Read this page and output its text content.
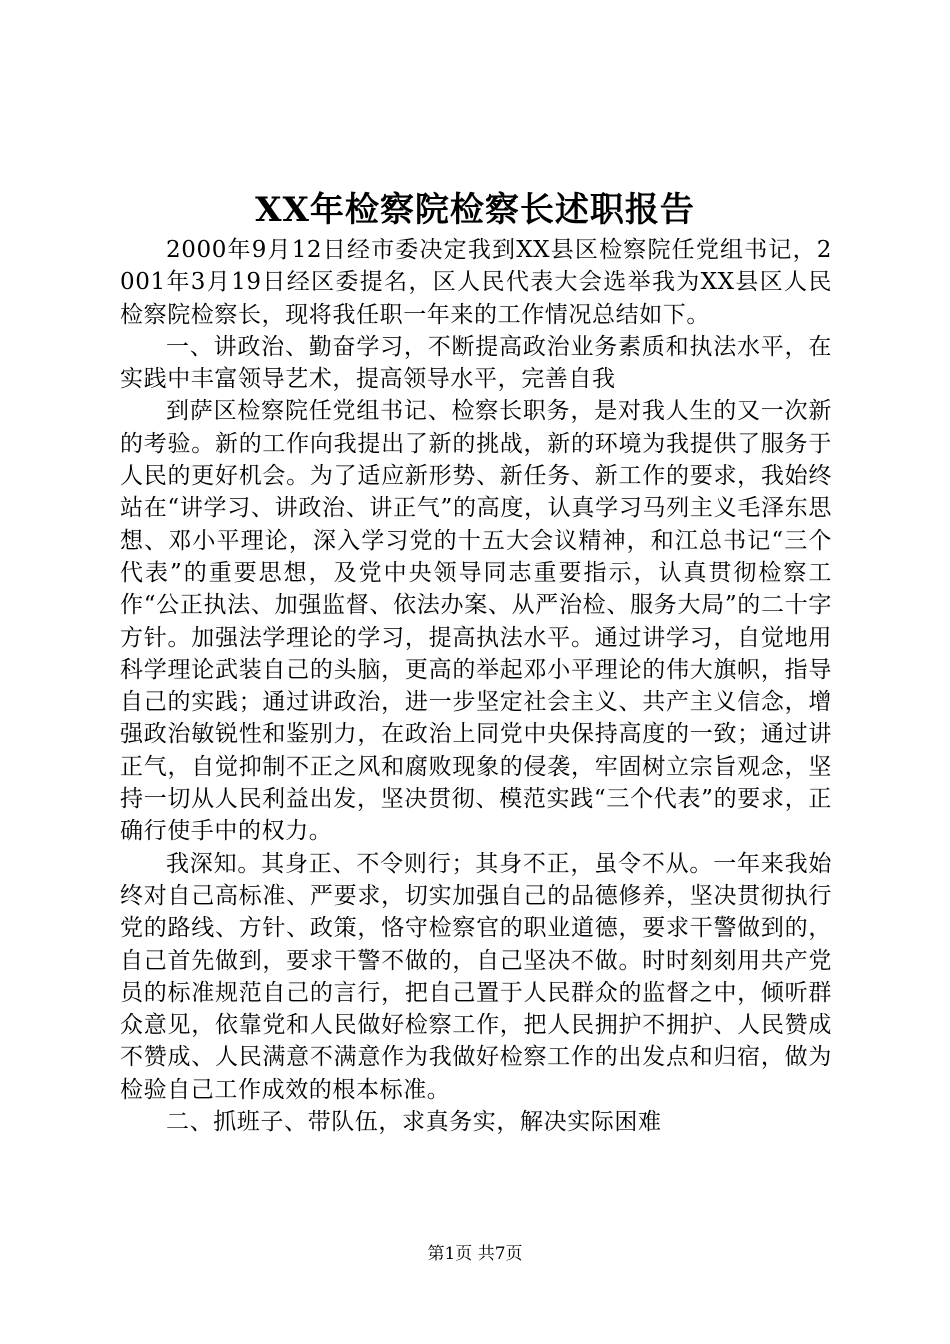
XX年检察院检察长述职报告

2000年9月12日经市委决定我到XX县区检察院任党组书记，2001年3月19日经区委提名，区人民代表大会选举我为XX县区人民检察院检察长，现将我任职一年来的工作情况总结如下。

一、讲政治、勤奋学习，不断提高政治业务素质和执法水平，在实践中丰富领导艺术，提高领导水平，完善自我

到萨区检察院任党组书记、检察长职务，是对我人生的又一次新的考验。新的工作向我提出了新的挑战，新的环境为我提供了服务于人民的更好机会。为了适应新形势、新任务、新工作的要求，我始终站在“讲学习、讲政治、讲正气”的高度，认真学习马列主义毛泽东思想、邓小平理论，深入学习党的十五大会议精神，和江总书记“三个代表”的重要思想，及党中央领导同志重要指示，认真贯彻检察工作“公正执法、加强监督、依法办案、从严治检、服务大局”的二十字方针。加强法学理论的学习，提高执法水平。通过讲学习，自觉地用科学理论武装自己的头脑，更高的举起邓小平理论的伟大旗帜，指导自己的实践；通过讲政治，进一步坚定社会主义、共产主义信念，增强政治敏锐性和鉴别力，在政治上同党中央保持高度的一致；通过讲正气，自觉抑制不正之风和腐败现象的侵袭，牢固树立宗旨观念，坚持一切从人民利益出发，坚决贯彻、模范实践“三个代表”的要求，正确行使手中的权力。

我深知。其身正、不令则行；其身不正，虽令不从。一年来我始终对自己高标准、严要求，切实加强自己的品德修养，坚决贯彻执行党的路线、方针、政策，恪守检察官的职业道德，要求干警做到的，自己首先做到，要求干警不做的，自己坚决不做。时时刻刻用共产党员的标准规范自己的言行，把自己置于人民群众的监督之中，倾听群众意见，依靠党和人民做好检察工作，把人民拥护不拥护、人民赞成不赞成、人民满意不满意作为我做好检察工作的出发点和归宿，做为检验自己工作成效的根本标准。

二、抓班子、带队伍，求真务实，解决实际困难

第1页 共7页
